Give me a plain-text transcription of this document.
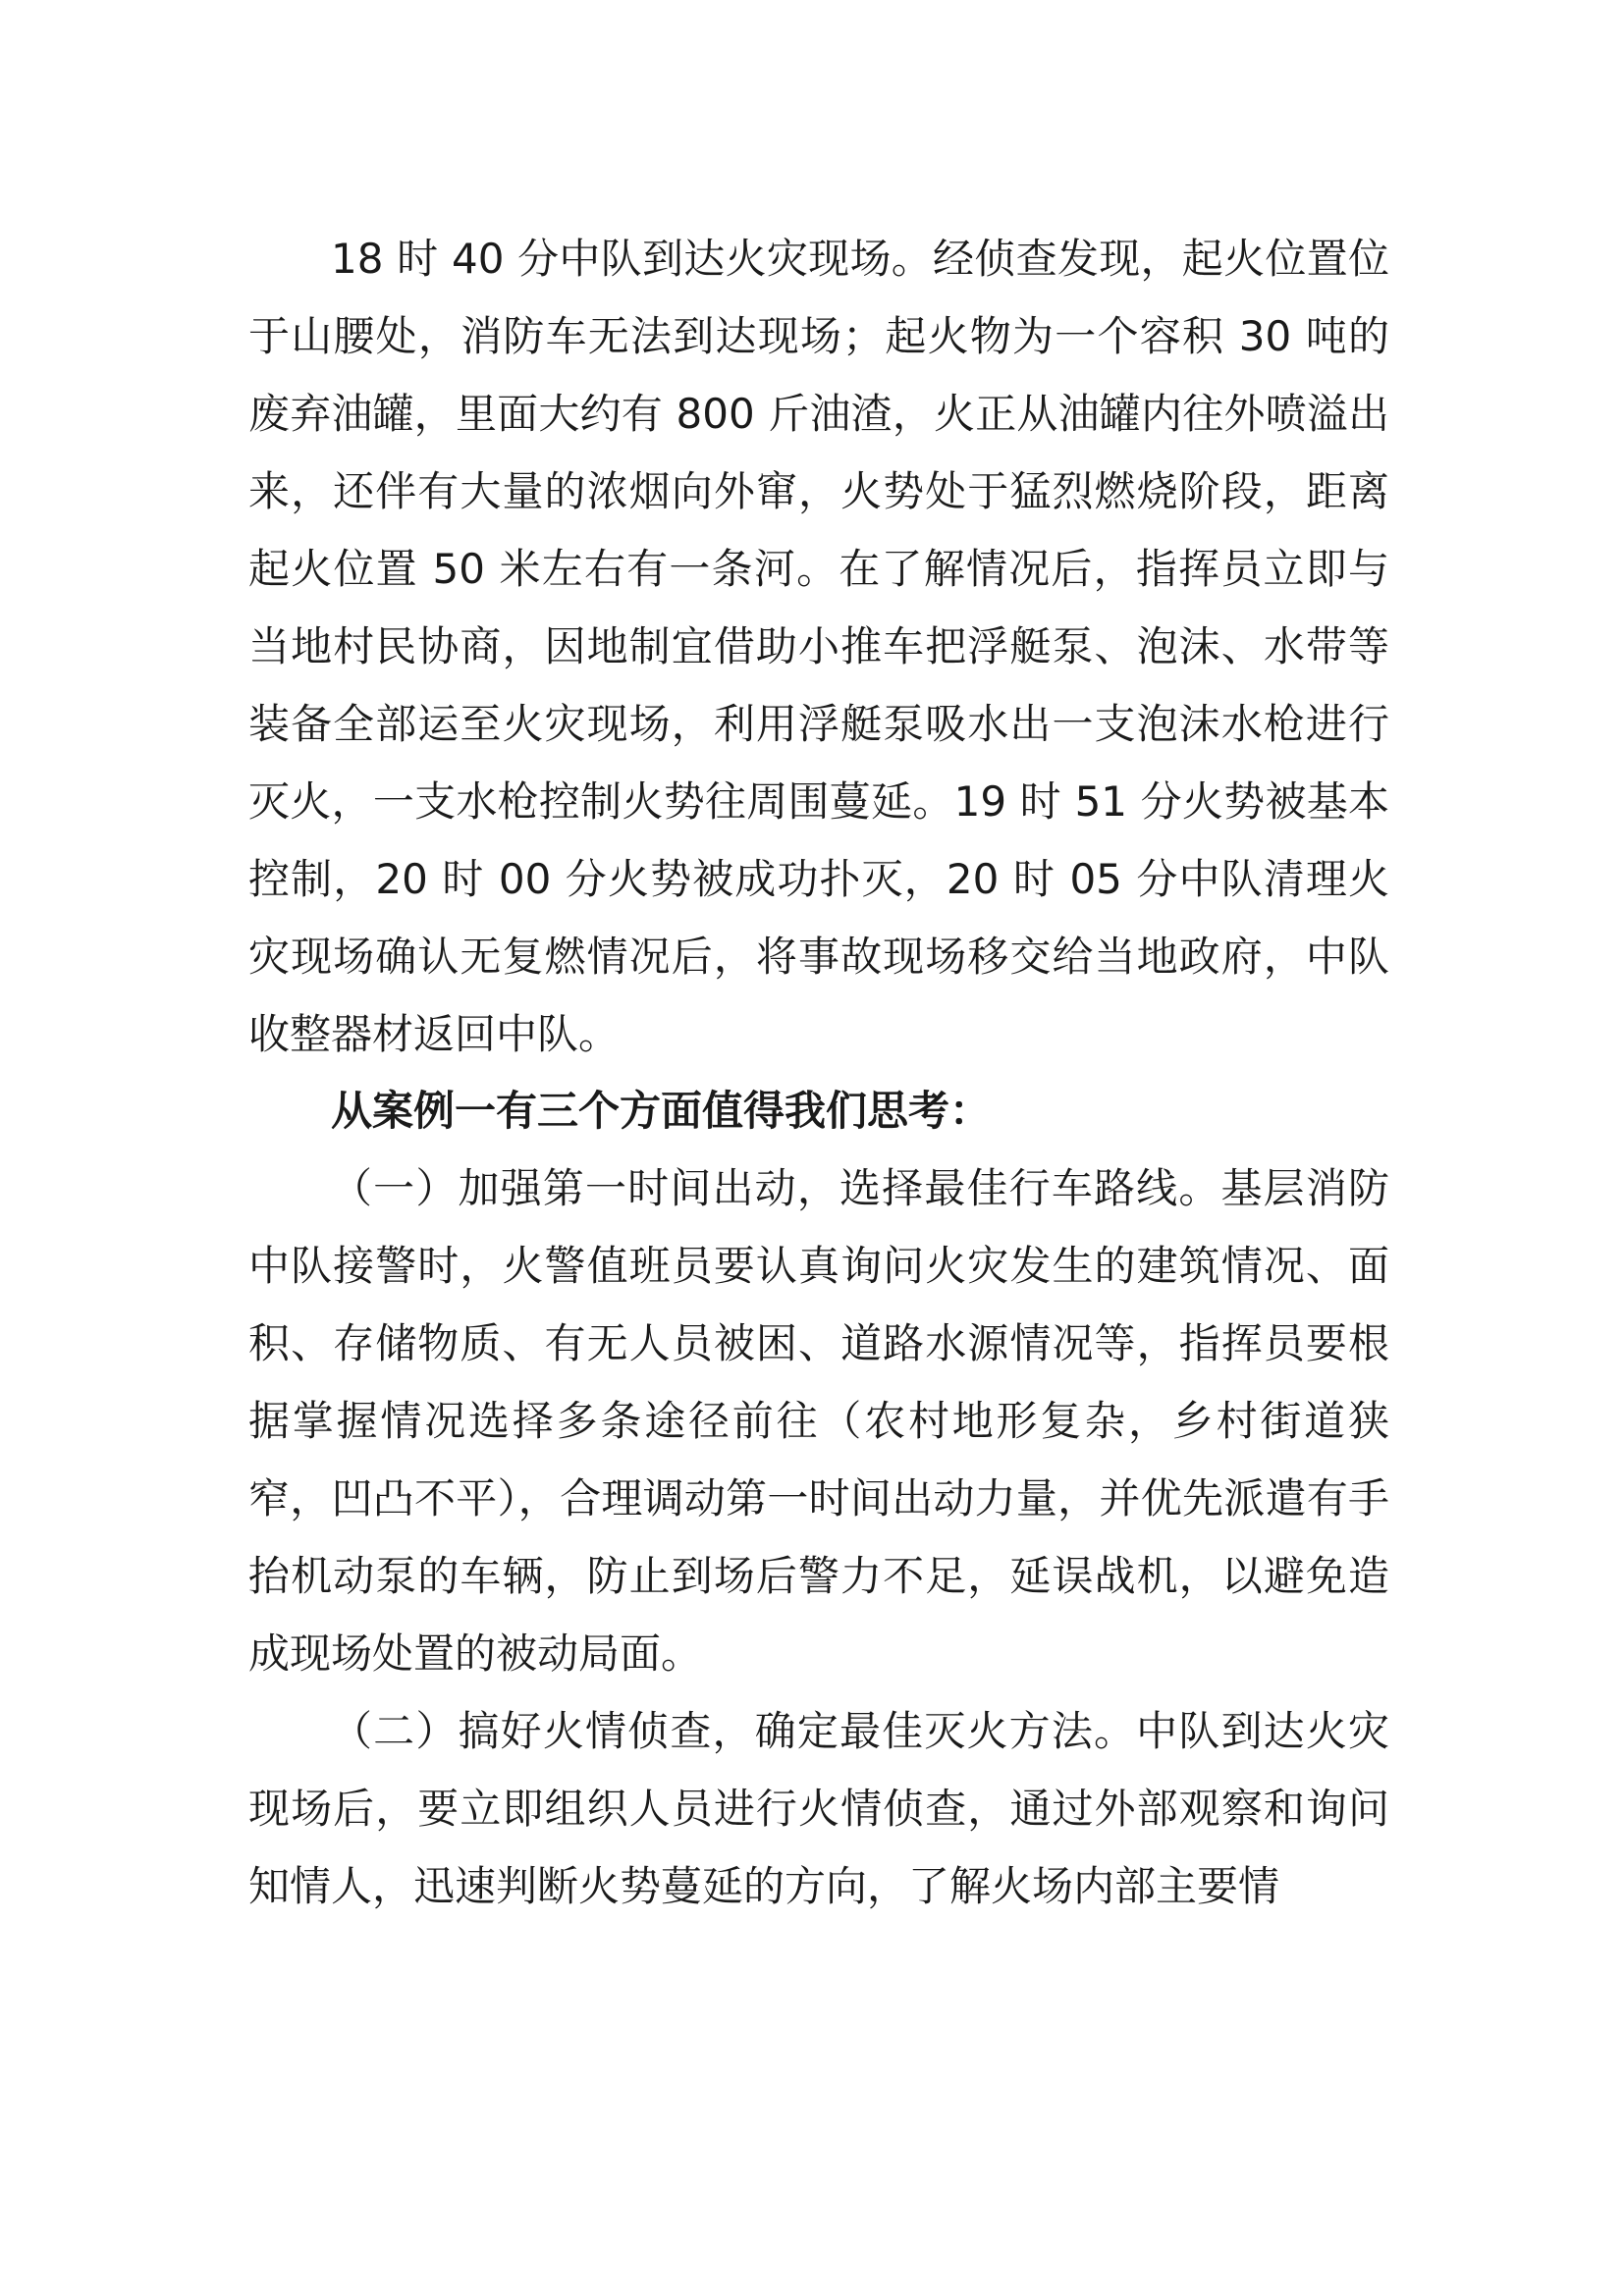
18 时 40 分中队到达火灾现场。经侦查发现，起火位置位于山腰处，消防车无法到达现场；起火物为一个容积 30 吨的废弃油罐，里面大约有 800 斤油渣，火正从油罐内往外喷溢出来，还伴有大量的浓烟向外窜，火势处于猛烈燃烧阶段，距离起火位置 50 米左右有一条河。在了解情况后，指挥员立即与当地村民协商，因地制宜借助小推车把浮艇泵、泡沫、水带等装备全部运至火灾现场，利用浮艇泵吸水出一支泡沫水枪进行灭火，一支水枪控制火势往周围蔓延。19 时 51 分火势被基本控制，20 时 00 分火势被成功扑灭，20 时 05 分中队清理火灾现场确认无复燃情况后，将事故现场移交给当地政府，中队收整器材返回中队。

从案例一有三个方面值得我们思考：

（一）加强第一时间出动，选择最佳行车路线。基层消防中队接警时，火警值班员要认真询问火灾发生的建筑情况、面积、存储物质、有无人员被困、道路水源情况等，指挥员要根据掌握情况选择多条途径前往（农村地形复杂，乡村街道狭窄，凹凸不平），合理调动第一时间出动力量，并优先派遣有手抬机动泵的车辆，防止到场后警力不足，延误战机，以避免造成现场处置的被动局面。

（二）搞好火情侦查，确定最佳灭火方法。中队到达火灾现场后，要立即组织人员进行火情侦查，通过外部观察和询问知情人，迅速判断火势蔓延的方向，了解火场内部主要情
